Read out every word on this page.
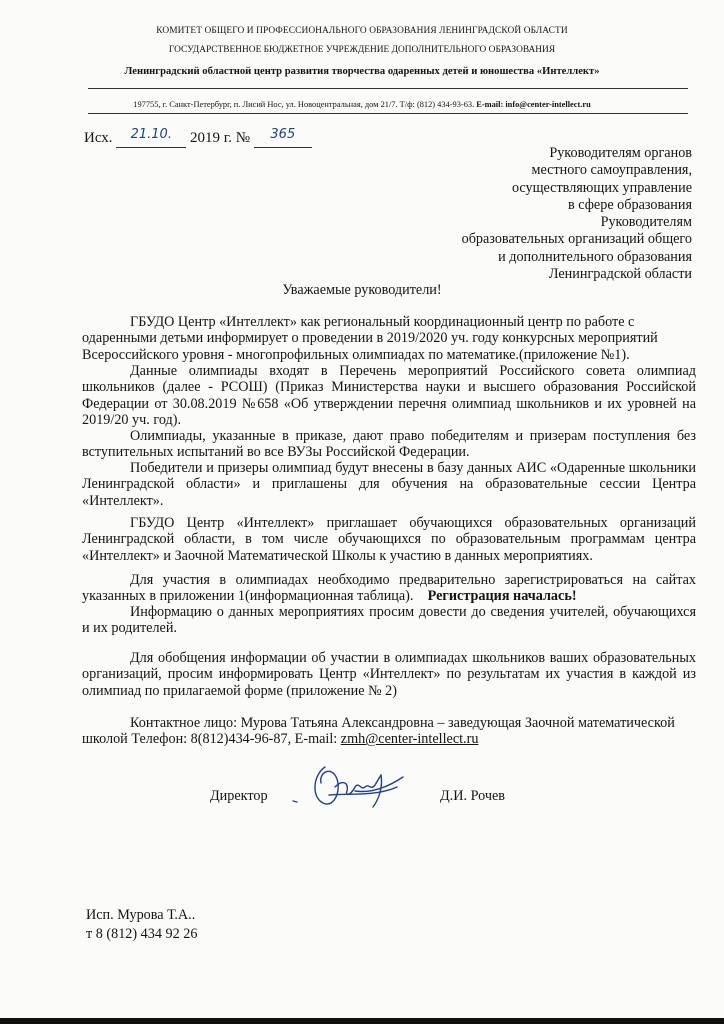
КОМИТЕТ ОБЩЕГО И ПРОФЕССИОНАЛЬНОГО ОБРАЗОВАНИЯ ЛЕНИНГРАДСКОЙ ОБЛАСТИ
ГОСУДАРСТВЕННОЕ БЮДЖЕТНОЕ УЧРЕЖДЕНИЕ ДОПОЛНИТЕЛЬНОГО ОБРАЗОВАНИЯ
Ленинградский областной центр развития творчества одаренных детей и юношества «Интеллект»
197755, г. Санкт-Петербург, п. Лисий Нос, ул. Новоцентральная, дом 21/7. Т/ф: (812) 434-93-63. E-mail: info@center-intellect.ru
Исх. 21.10. 2019 г. № 365
Руководителям органов
местного самоуправления,
осуществляющих управление
в сфере образования
Руководителям
образовательных организаций общего
и дополнительного образования
Ленинградской области
Уважаемые руководители!
ГБУДО Центр «Интеллект» как региональный координационный центр по работе с одаренными детьми информирует о проведении в 2019/2020 уч. году конкурсных мероприятий Всероссийского уровня - многопрофильных олимпиадах по математике.(приложение №1).
Данные олимпиады входят в Перечень мероприятий Российского совета олимпиад школьников (далее - РСОШ) (Приказ Министерства науки и высшего образования Российской Федерации от 30.08.2019 №658 «Об утверждении перечня олимпиад школьников и их уровней на 2019/20 уч. год).
Олимпиады, указанные в приказе, дают право победителям и призерам поступления без вступительных испытаний во все ВУЗы Российской Федерации.
Победители и призеры олимпиад будут внесены в базу данных АИС «Одаренные школьники Ленинградской области» и приглашены для обучения на образовательные сессии Центра «Интеллект».
ГБУДО Центр «Интеллект» приглашает обучающихся образовательных организаций Ленинградской области, в том числе обучающихся по образовательным программам центра «Интеллект» и Заочной Математической Школы к участию в данных мероприятиях.
Для участия в олимпиадах необходимо предварительно зарегистрироваться на сайтах указанных в приложении 1(информационная таблица). Регистрация началась!
Информацию о данных мероприятиях просим довести до сведения учителей, обучающихся и их родителей.
Для обобщения информации об участии в олимпиадах школьников ваших образовательных организаций, просим информировать Центр «Интеллект» по результатам их участия в каждой из олимпиад по прилагаемой форме (приложение № 2)
Контактное лицо: Мурова Татьяна Александровна – заведующая Заочной математической школой Телефон: 8(812)434-96-87, E-mail: zmh@center-intellect.ru
Директор	Д.И. Рочев
Исп. Мурова Т.А..
т 8 (812) 434 92 26
